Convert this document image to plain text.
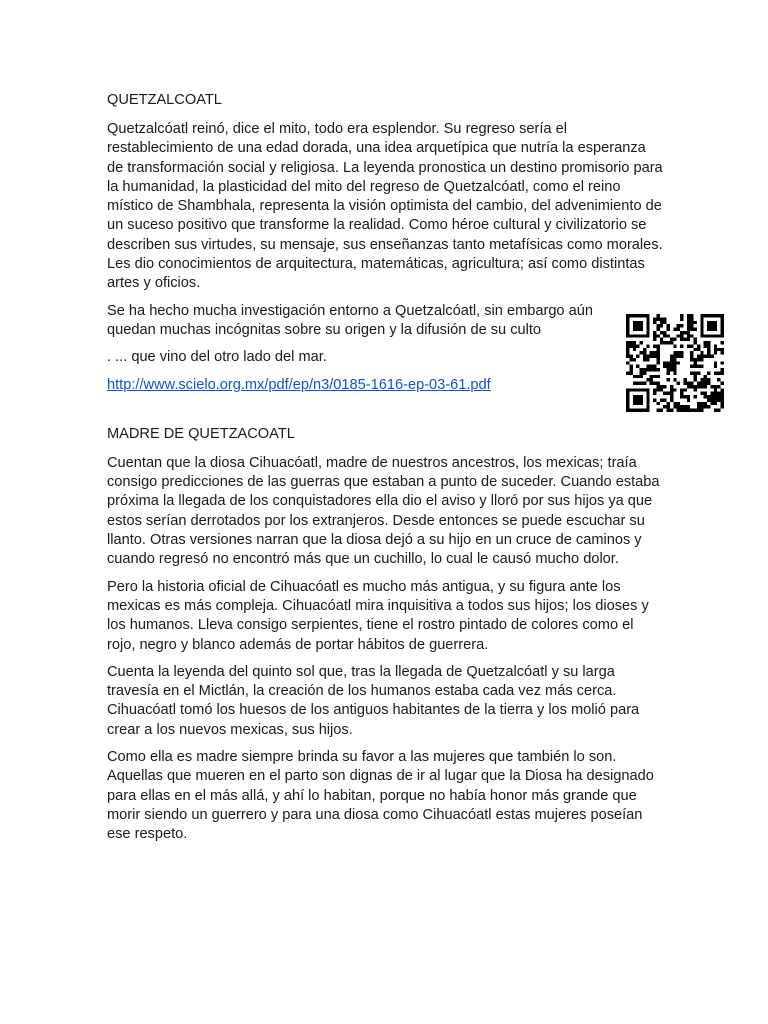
QUETZALCOATL

Quetzalcóatl reinó, dice el mito, todo era esplendor. Su regreso sería el restablecimiento de una edad dorada, una idea arquetípica que nutría la esperanza de transformación social y religiosa. La leyenda pronostica un destino promisorio para la humanidad, la plasticidad del mito del regreso de Quetzalcóatl, como el reino místico de Shambhala, representa la visión optimista del cambio, del advenimiento de un suceso positivo que transforme la realidad. Como héroe cultural y civilizatorio se describen sus virtudes, su mensaje, sus enseñanzas tanto metafísicas como morales. Les dio conocimientos de arquitectura, matemáticas, agricultura; así como distintas artes y oficios.

Se ha hecho mucha investigación entorno a Quetzalcóatl, sin embargo aún quedan muchas incógnitas sobre su origen y la difusión de su culto

. ... que vino del otro lado del mar.

http://www.scielo.org.mx/pdf/ep/n3/0185-1616-ep-03-61.pdf
MADRE DE QUETZACOATL

Cuentan que la diosa Cihuacóatl, madre de nuestros ancestros, los mexicas; traía consigo predicciones de las guerras que estaban a punto de suceder. Cuando estaba próxima la llegada de los conquistadores ella dio el aviso y lloró por sus hijos ya que estos serían derrotados por los extranjeros. Desde entonces se puede escuchar su llanto. Otras versiones narran que la diosa dejó a su hijo en un cruce de caminos y cuando regresó no encontró más que un cuchillo, lo cual le causó mucho dolor.

Pero la historia oficial de Cihuacóatl es mucho más antigua, y su figura ante los mexicas es más compleja. Cihuacóatl mira inquisitiva a todos sus hijos; los dioses y los humanos. Lleva consigo serpientes, tiene el rostro pintado de colores como el rojo, negro y blanco además de portar hábitos de guerrera.

Cuenta la leyenda del quinto sol que, tras la llegada de Quetzalcóatl y su larga travesía en el Mictlán, la creación de los humanos estaba cada vez más cerca. Cihuacóatl tomó los huesos de los antiguos habitantes de la tierra y los molió para crear a los nuevos mexicas, sus hijos.

Como ella es madre siempre brinda su favor a las mujeres que también lo son. Aquellas que mueren en el parto son dignas de ir al lugar que la Diosa ha designado para ellas en el más allá, y ahí lo habitan, porque no había honor más grande que morir siendo un guerrero y para una diosa como Cihuacóatl estas mujeres poseían ese respeto.
